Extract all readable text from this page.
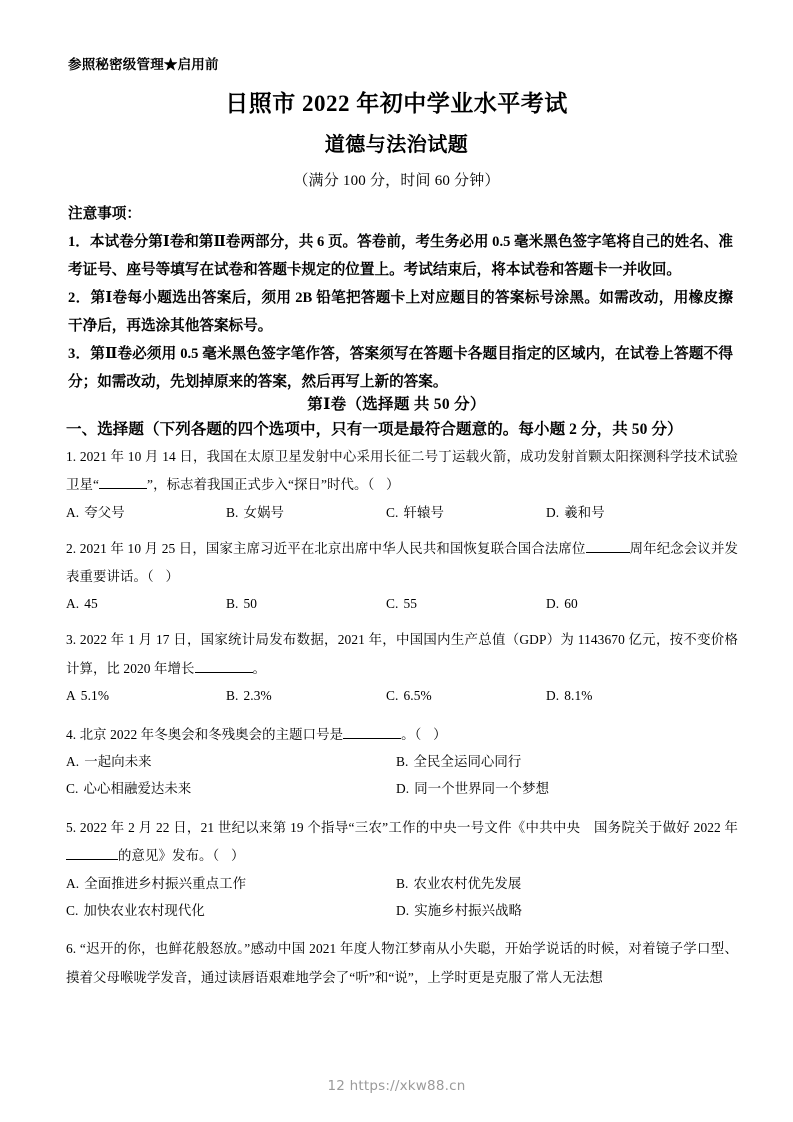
参照秘密级管理★启用前
日照市 2022 年初中学业水平考试
道德与法治试题
（满分 100 分，时间 60 分钟）
注意事项：
1．本试卷分第Ⅰ卷和第Ⅱ卷两部分，共 6 页。答卷前，考生务必用 0.5 毫米黑色签字笔将自己的姓名、准考证号、座号等填写在试卷和答题卡规定的位置上。考试结束后，将本试卷和答题卡一并收回。
2．第Ⅰ卷每小题选出答案后，须用 2B 铅笔把答题卡上对应题目的答案标号涂黑。如需改动，用橡皮擦干净后，再选涂其他答案标号。
3．第Ⅱ卷必须用 0.5 毫米黑色签字笔作答，答案须写在答题卡各题目指定的区域内，在试卷上答题不得分；如需改动，先划掉原来的答案，然后再写上新的答案。
第Ⅰ卷（选择题 共 50 分）
一、选择题（下列各题的四个选项中，只有一项是最符合题意的。每小题 2 分，共 50 分）
1. 2021 年 10 月 14 日，我国在太原卫星发射中心采用长征二号丁运载火箭，成功发射首颗太阳探测科学技术试验卫星“	”，标志着我国正式步入“探日”时代。（ ）
A. 夸父号	B. 女娲号	C. 轩辕号	D. 羲和号
2. 2021 年 10 月 25 日，国家主席习近平在北京出席中华人民共和国恢复联合国合法席位	周年纪念会议并发表重要讲话。（ ）
A. 45	B. 50	C. 55	D. 60
3. 2022 年 1 月 17 日，国家统计局发布数据，2021 年，中国国内生产总值（GDP）为 1143670 亿元，按不变价格计算，比 2020 年增长	。
A 5.1%	B. 2.3%	C. 6.5%	D. 8.1%
4. 北京 2022 年冬奥会和冬残奥会的主题口号是	。（ ）
A. 一起向未来	B. 全民全运同心同行
C. 心心相融爱达未来	D. 同一个世界同一个梦想
5. 2022 年 2 月 22 日，21 世纪以来第 19 个指导“三农”工作的中央一号文件《中共中央　国务院关于做好 2022 年的意见》发布。（ ）
A. 全面推进乡村振兴重点工作	B. 农业农村优先发展
C. 加快农业农村现代化	D. 实施乡村振兴战略
6. “迟开的你，也鲜花般怒放。”感动中国 2021 年度人物江梦南从小失聪，开始学说话的时候，对着镜子学口型、摸着父母喉咙学发音，通过读唇语艰难地学会了“听”和“说”，上学时更是克服了常人无法想
12 https://xkw88.cn
